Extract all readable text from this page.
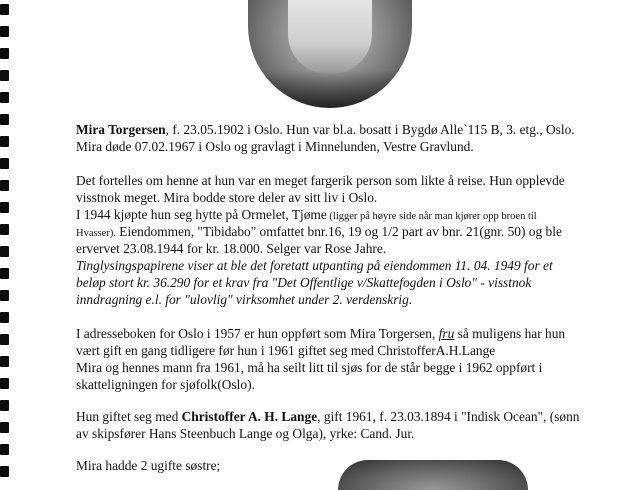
Mira Torgersen, f. 23.05.1902 i Oslo. Hun var bl.a. bosatt i Bygdø Alle`115 B, 3. etg., Oslo.
Mira døde 07.02.1967 i Oslo og gravlagt i Minnelunden, Vestre Gravlund.
Det fortelles om henne at hun var en meget fargerik person som likte å reise. Hun opplevde
visstnok meget. Mira bodde store deler av sitt liv i Oslo.
I 1944 kjøpte hun seg hytte på Ormelet, Tjøme (ligger på høyre side når man kjører opp broen til
Hvasser). Eiendommen, "Tibidabo" omfattet bnr.16, 19 og 1/2 part av bnr. 21(gnr. 50) og ble
ervervet 23.08.1944 for kr. 18.000. Selger var Rose Jahre.
Tinglysingspapirene viser at ble det foretatt utpanting på eiendommen 11. 04. 1949 for et
beløp stort kr. 36.290 for et krav fra "Det Offentlige v/Skattefogden i Oslo" - visstnok
inndragning e.l. for "ulovlig" virksomhet under 2. verdenskrig.
I adresseboken for Oslo i 1957 er hun oppført som Mira Torgersen, fru så muligens har hun
vært gift en gang tidligere før hun i 1961 giftet seg med ChristofferA.H.Lange
Mira og hennes mann fra 1961, må ha seilt litt til sjøs for de står begge i 1962 oppført i
skatteligningen for sjøfolk(Oslo).
Hun giftet seg med Christoffer A. H. Lange, gift 1961, f. 23.03.1894 i "Indisk Ocean", (sønn
av skipsfører Hans Steenbuch Lange og Olga), yrke: Cand. Jur.
Mira hadde 2 ugifte søstre;
